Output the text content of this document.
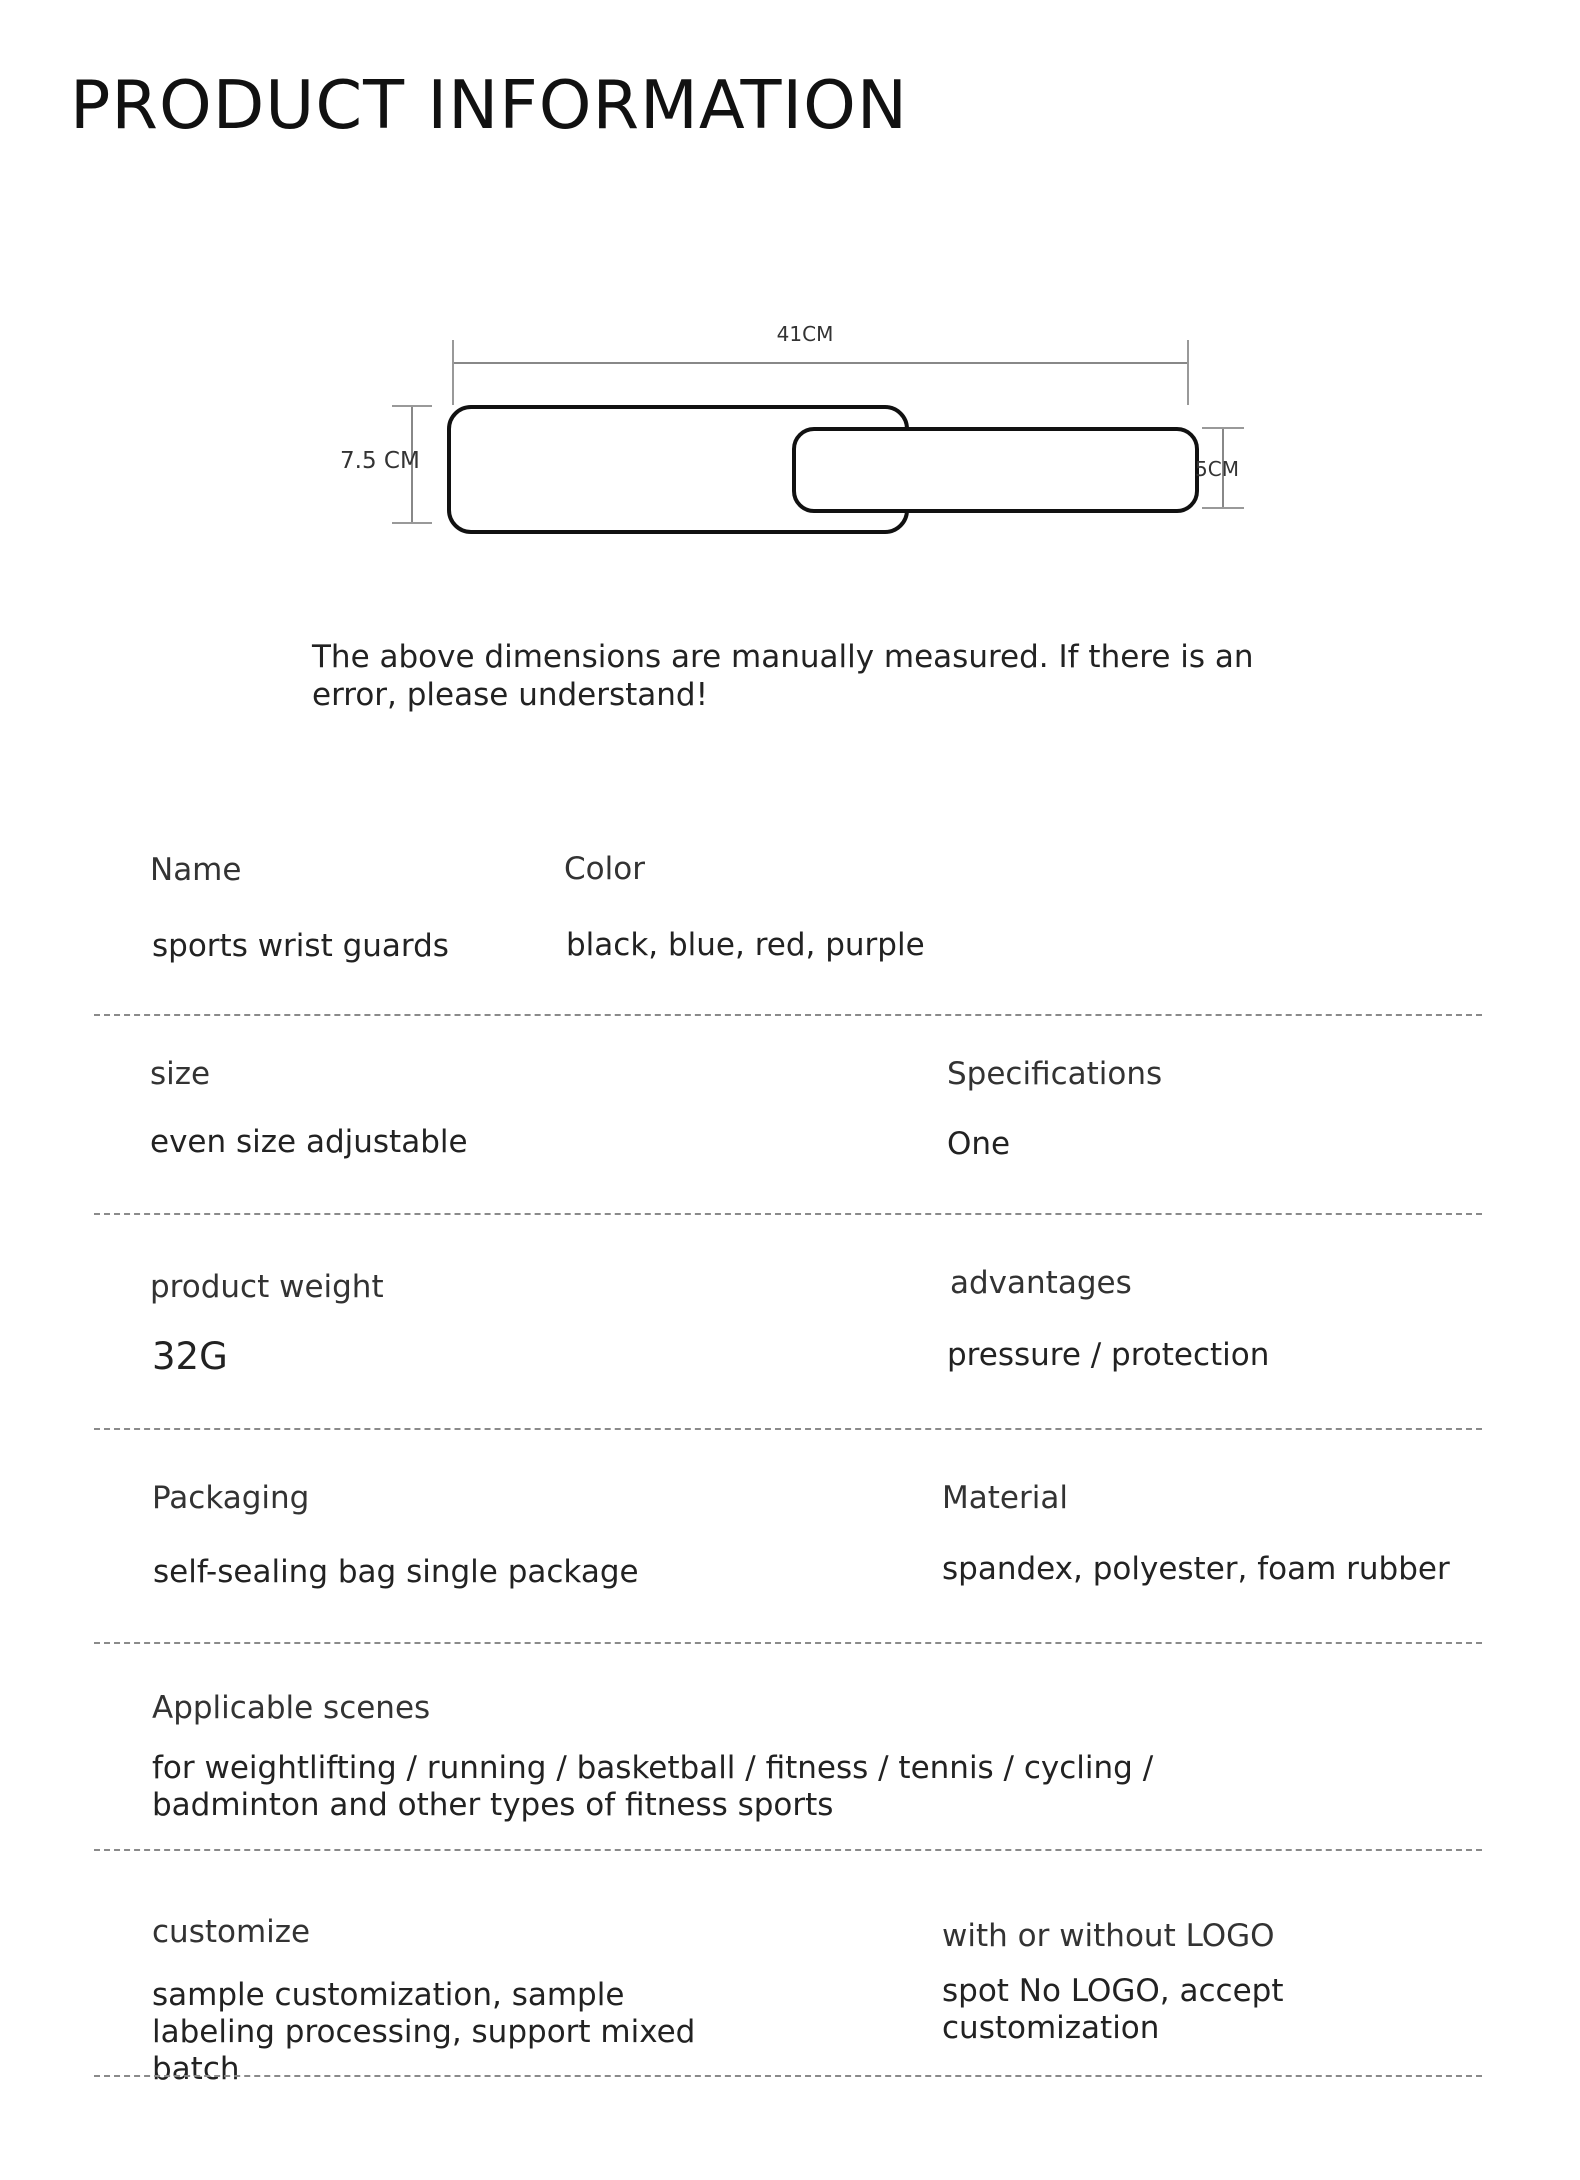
PRODUCT INFORMATION
41CM
7.5 CM	5CM
The above dimensions are manually measured. If there is an error, please understand!
Name
sports wrist guards
Color
black, blue, red, purple
size
even size adjustable
Specifications
One
product weight
32G
advantages
pressure / protection
Packaging
self-sealing bag single package
Material
spandex, polyester, foam rubber
Applicable scenes
for weightlifting / running / basketball / fitness / tennis / cycling / badminton and other types of fitness sports
customize
sample customization, sample labeling processing, support mixed batch
with or without LOGO
spot No LOGO, accept customization
